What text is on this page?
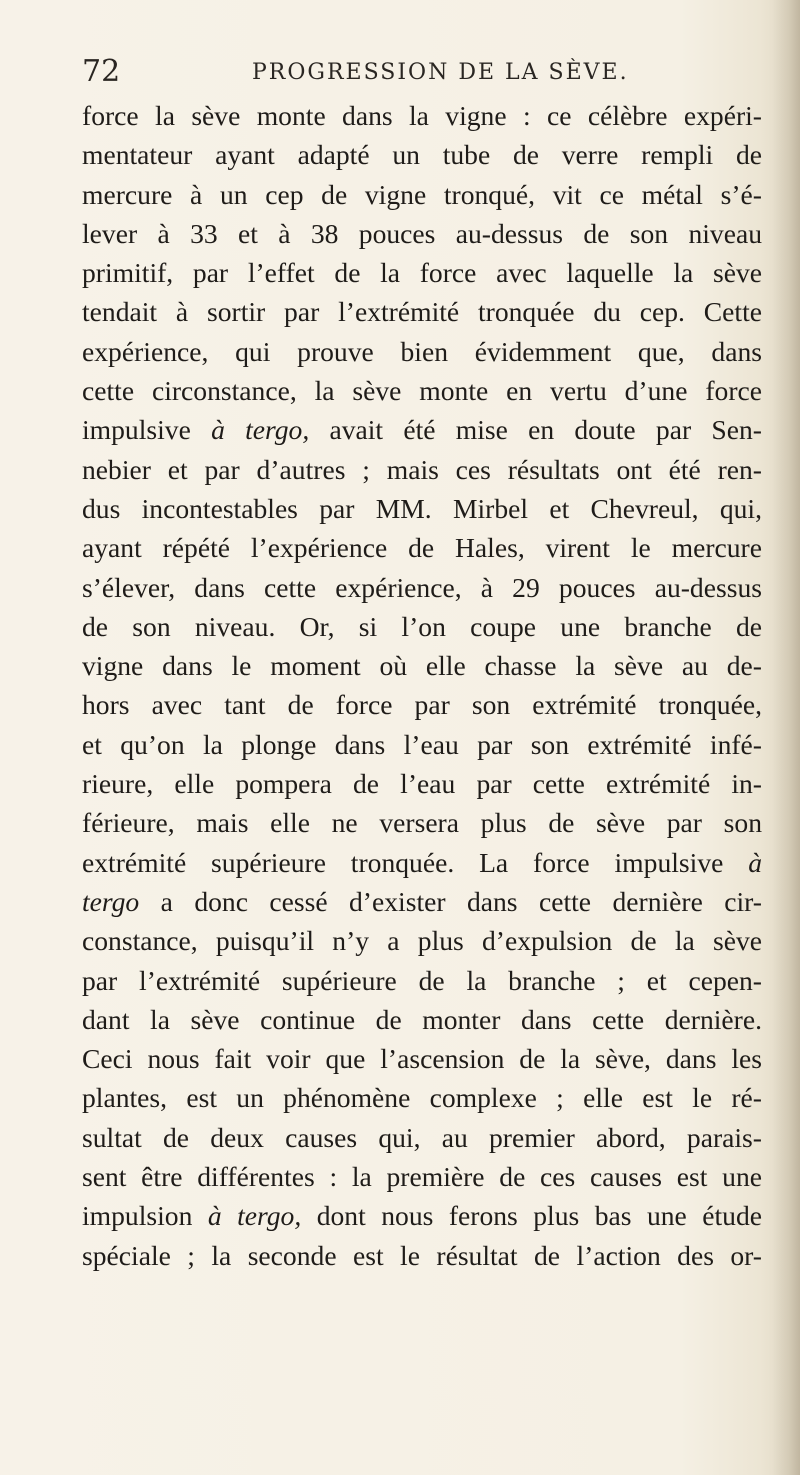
72	PROGRESSION DE LA SÈVE.
force la sève monte dans la vigne : ce célèbre expéri-
mentateur ayant adapté un tube de verre rempli de
mercure à un cep de vigne tronqué, vit ce métal s’é-
lever à 33 et à 38 pouces au-dessus de son niveau
primitif, par l’effet de la force avec laquelle la sève
tendait à sortir par l’extrémité tronquée du cep. Cette
expérience, qui prouve bien évidemment que, dans
cette circonstance, la sève monte en vertu d’une force
impulsive à tergo, avait été mise en doute par Sen-
nebier et par d’autres ; mais ces résultats ont été ren-
dus incontestables par MM. Mirbel et Chevreul, qui,
ayant répété l’expérience de Hales, virent le mercure
s’élever, dans cette expérience, à 29 pouces au-dessus
de son niveau. Or, si l’on coupe une branche de
vigne dans le moment où elle chasse la sève au de-
hors avec tant de force par son extrémité tronquée,
et qu’on la plonge dans l’eau par son extrémité infé-
rieure, elle pompera de l’eau par cette extrémité in-
férieure, mais elle ne versera plus de sève par son
extrémité supérieure tronquée. La force impulsive à
tergo a donc cessé d’exister dans cette dernière cir-
constance, puisqu’il n’y a plus d’expulsion de la sève
par l’extrémité supérieure de la branche ; et cepen-
dant la sève continue de monter dans cette dernière.
Ceci nous fait voir que l’ascension de la sève, dans les
plantes, est un phénomène complexe ; elle est le ré-
sultat de deux causes qui, au premier abord, parais-
sent être différentes : la première de ces causes est une
impulsion à tergo, dont nous ferons plus bas une étude
spéciale ; la seconde est le résultat de l’action des or-
